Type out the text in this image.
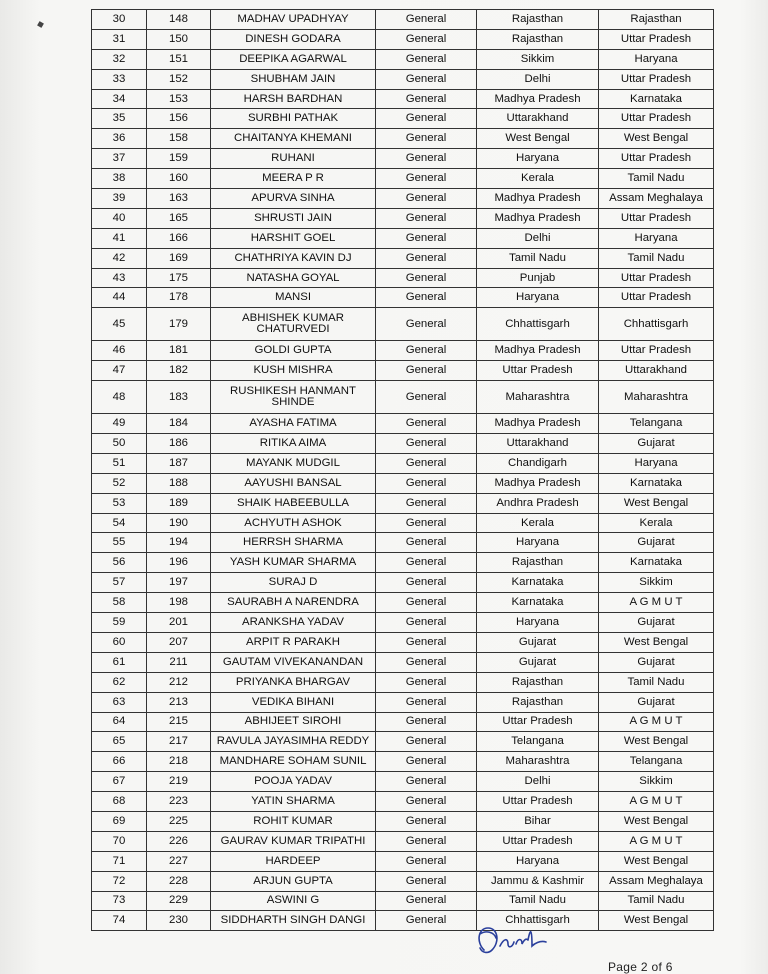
30	148	MADHAV UPADHYAY	General	Rajasthan	Rajasthan
31	150	DINESH GODARA	General	Rajasthan	Uttar Pradesh
32	151	DEEPIKA AGARWAL	General	Sikkim	Haryana
33	152	SHUBHAM JAIN	General	Delhi	Uttar Pradesh
34	153	HARSH BARDHAN	General	Madhya Pradesh	Karnataka
35	156	SURBHI PATHAK	General	Uttarakhand	Uttar Pradesh
36	158	CHAITANYA KHEMANI	General	West Bengal	West Bengal
37	159	RUHANI	General	Haryana	Uttar Pradesh
38	160	MEERA P R	General	Kerala	Tamil Nadu
39	163	APURVA SINHA	General	Madhya Pradesh	Assam Meghalaya
40	165	SHRUSTI JAIN	General	Madhya Pradesh	Uttar Pradesh
41	166	HARSHIT GOEL	General	Delhi	Haryana
42	169	CHATHRIYA KAVIN DJ	General	Tamil Nadu	Tamil Nadu
43	175	NATASHA GOYAL	General	Punjab	Uttar Pradesh
44	178	MANSI	General	Haryana	Uttar Pradesh
45	179	ABHISHEK KUMAR CHATURVEDI	General	Chhattisgarh	Chhattisgarh
46	181	GOLDI GUPTA	General	Madhya Pradesh	Uttar Pradesh
47	182	KUSH MISHRA	General	Uttar Pradesh	Uttarakhand
48	183	RUSHIKESH HANMANT SHINDE	General	Maharashtra	Maharashtra
49	184	AYASHA FATIMA	General	Madhya Pradesh	Telangana
50	186	RITIKA AIMA	General	Uttarakhand	Gujarat
51	187	MAYANK MUDGIL	General	Chandigarh	Haryana
52	188	AAYUSHI BANSAL	General	Madhya Pradesh	Karnataka
53	189	SHAIK HABEEBULLA	General	Andhra Pradesh	West Bengal
54	190	ACHYUTH ASHOK	General	Kerala	Kerala
55	194	HERRSH SHARMA	General	Haryana	Gujarat
56	196	YASH KUMAR SHARMA	General	Rajasthan	Karnataka
57	197	SURAJ D	General	Karnataka	Sikkim
58	198	SAURABH A NARENDRA	General	Karnataka	A G M U T
59	201	ARANKSHA YADAV	General	Haryana	Gujarat
60	207	ARPIT R PARAKH	General	Gujarat	West Bengal
61	211	GAUTAM VIVEKANANDAN	General	Gujarat	Gujarat
62	212	PRIYANKA BHARGAV	General	Rajasthan	Tamil Nadu
63	213	VEDIKA BIHANI	General	Rajasthan	Gujarat
64	215	ABHIJEET SIROHI	General	Uttar Pradesh	A G M U T
65	217	RAVULA JAYASIMHA REDDY	General	Telangana	West Bengal
66	218	MANDHARE SOHAM SUNIL	General	Maharashtra	Telangana
67	219	POOJA YADAV	General	Delhi	Sikkim
68	223	YATIN SHARMA	General	Uttar Pradesh	A G M U T
69	225	ROHIT KUMAR	General	Bihar	West Bengal
70	226	GAURAV KUMAR TRIPATHI	General	Uttar Pradesh	A G M U T
71	227	HARDEEP	General	Haryana	West Bengal
72	228	ARJUN GUPTA	General	Jammu & Kashmir	Assam Meghalaya
73	229	ASWINI G	General	Tamil Nadu	Tamil Nadu
74	230	SIDDHARTH SINGH DANGI	General	Chhattisgarh	West Bengal
Page 2 of 6
